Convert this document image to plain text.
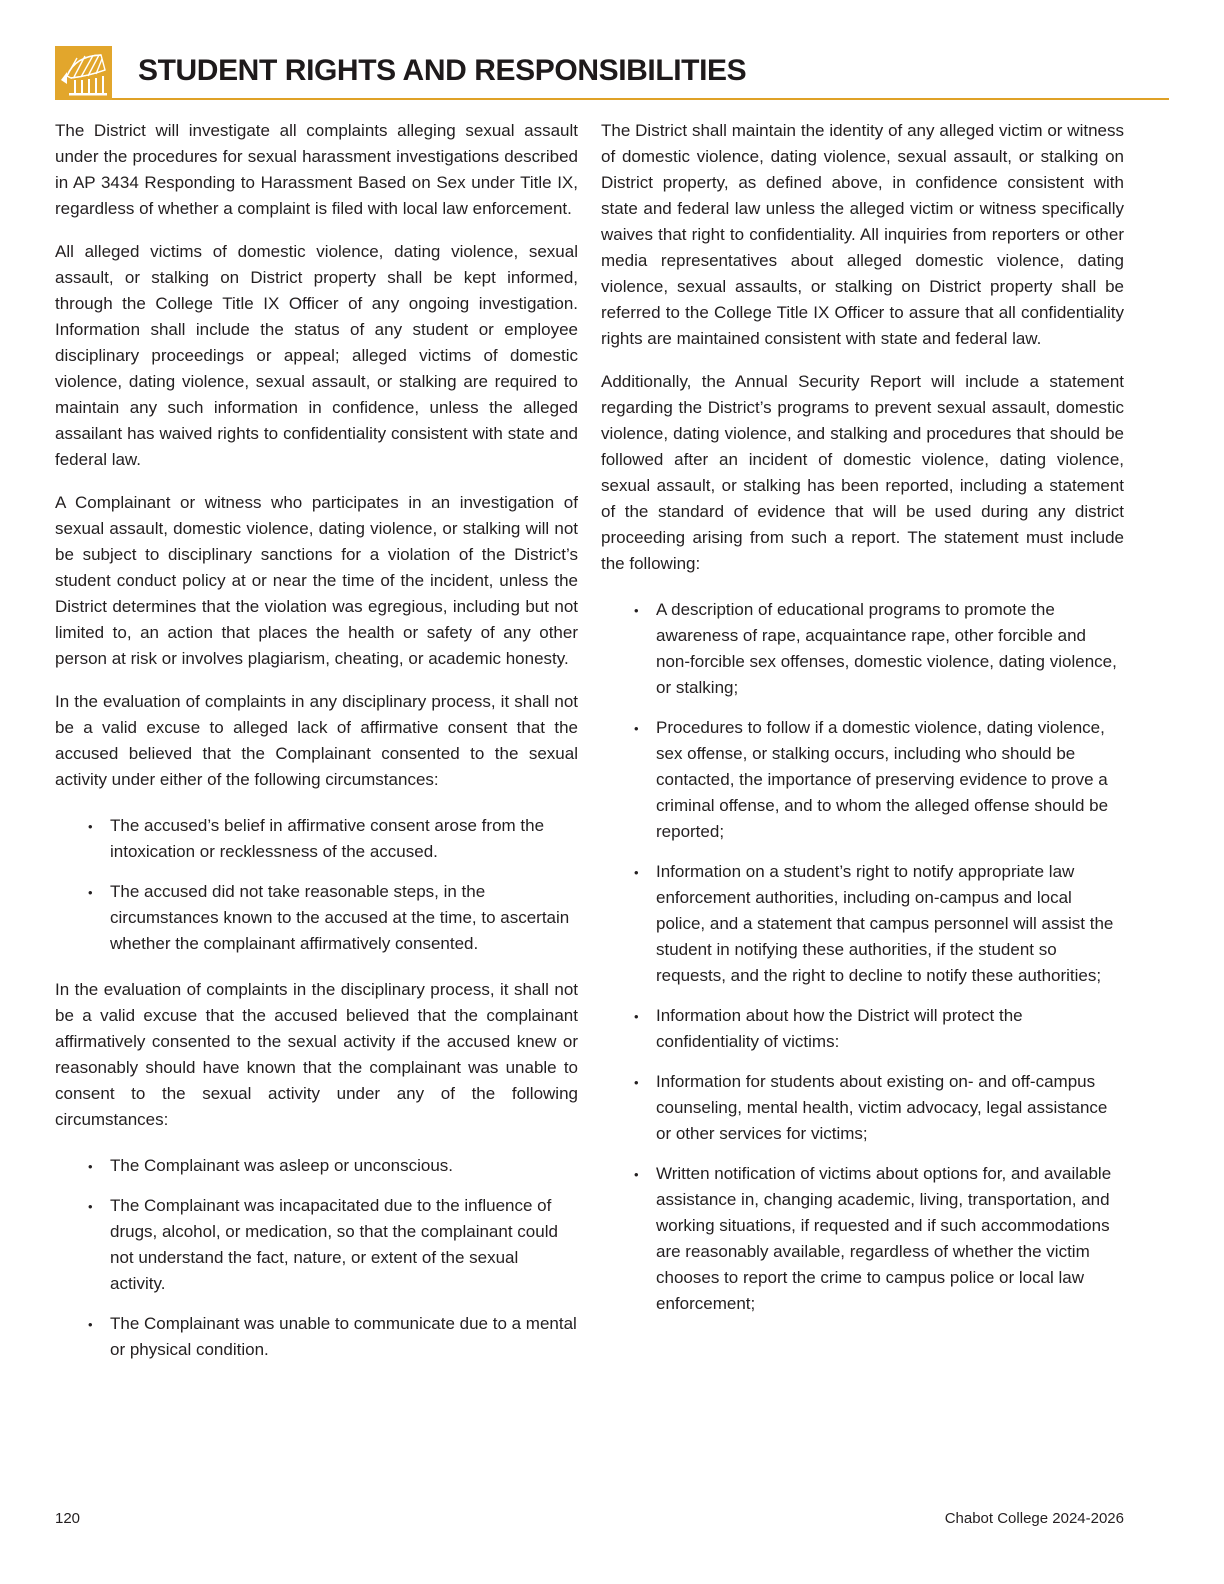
STUDENT RIGHTS AND RESPONSIBILITIES

The District will investigate all complaints alleging sexual assault under the procedures for sexual harassment investigations described in AP 3434 Responding to Harassment Based on Sex under Title IX, regardless of whether a complaint is filed with local law enforcement.

All alleged victims of domestic violence, dating violence, sexual assault, or stalking on District property shall be kept informed, through the College Title IX Officer of any ongoing investigation. Information shall include the status of any student or employee disciplinary proceedings or appeal; alleged victims of domestic violence, dating violence, sexual assault, or stalking are required to maintain any such information in confidence, unless the alleged assailant has waived rights to confidentiality consistent with state and federal law.

A Complainant or witness who participates in an investigation of sexual assault, domestic violence, dating violence, or stalking will not be subject to disciplinary sanctions for a violation of the District’s student conduct policy at or near the time of the incident, unless the District determines that the violation was egregious, including but not limited to, an action that places the health or safety of any other person at risk or involves plagiarism, cheating, or academic honesty.

In the evaluation of complaints in any disciplinary process, it shall not be a valid excuse to alleged lack of affirmative consent that the accused believed that the Complainant consented to the sexual activity under either of the following circumstances:

• The accused’s belief in affirmative consent arose from the intoxication or recklessness of the accused.
• The accused did not take reasonable steps, in the circumstances known to the accused at the time, to ascertain whether the complainant affirmatively consented.

In the evaluation of complaints in the disciplinary process, it shall not be a valid excuse that the accused believed that the complainant affirmatively consented to the sexual activity if the accused knew or reasonably should have known that the complainant was unable to consent to the sexual activity under any of the following circumstances:

• The Complainant was asleep or unconscious.
• The Complainant was incapacitated due to the influence of drugs, alcohol, or medication, so that the complainant could not understand the fact, nature, or extent of the sexual activity.
• The Complainant was unable to communicate due to a mental or physical condition.

The District shall maintain the identity of any alleged victim or witness of domestic violence, dating violence, sexual assault, or stalking on District property, as defined above, in confidence consistent with state and federal law unless the alleged victim or witness specifically waives that right to confidentiality. All inquiries from reporters or other media representatives about alleged domestic violence, dating violence, sexual assaults, or stalking on District property shall be referred to the College Title IX Officer to assure that all confidentiality rights are maintained consistent with state and federal law.

Additionally, the Annual Security Report will include a statement regarding the District’s programs to prevent sexual assault, domestic violence, dating violence, and stalking and procedures that should be followed after an incident of domestic violence, dating violence, sexual assault, or stalking has been reported, including a statement of the standard of evidence that will be used during any district proceeding arising from such a report. The statement must include the following:

• A description of educational programs to promote the awareness of rape, acquaintance rape, other forcible and non-forcible sex offenses, domestic violence, dating violence, or stalking;
• Procedures to follow if a domestic violence, dating violence, sex offense, or stalking occurs, including who should be contacted, the importance of preserving evidence to prove a criminal offense, and to whom the alleged offense should be reported;
• Information on a student’s right to notify appropriate law enforcement authorities, including on-campus and local police, and a statement that campus personnel will assist the student in notifying these authorities, if the student so requests, and the right to decline to notify these authorities;
• Information about how the District will protect the confidentiality of victims:
• Information for students about existing on- and off-campus counseling, mental health, victim advocacy, legal assistance or other services for victims;
• Written notification of victims about options for, and available assistance in, changing academic, living, transportation, and working situations, if requested and if such accommodations are reasonably available, regardless of whether the victim chooses to report the crime to campus police or local law enforcement;
120	Chabot College 2024-2026
